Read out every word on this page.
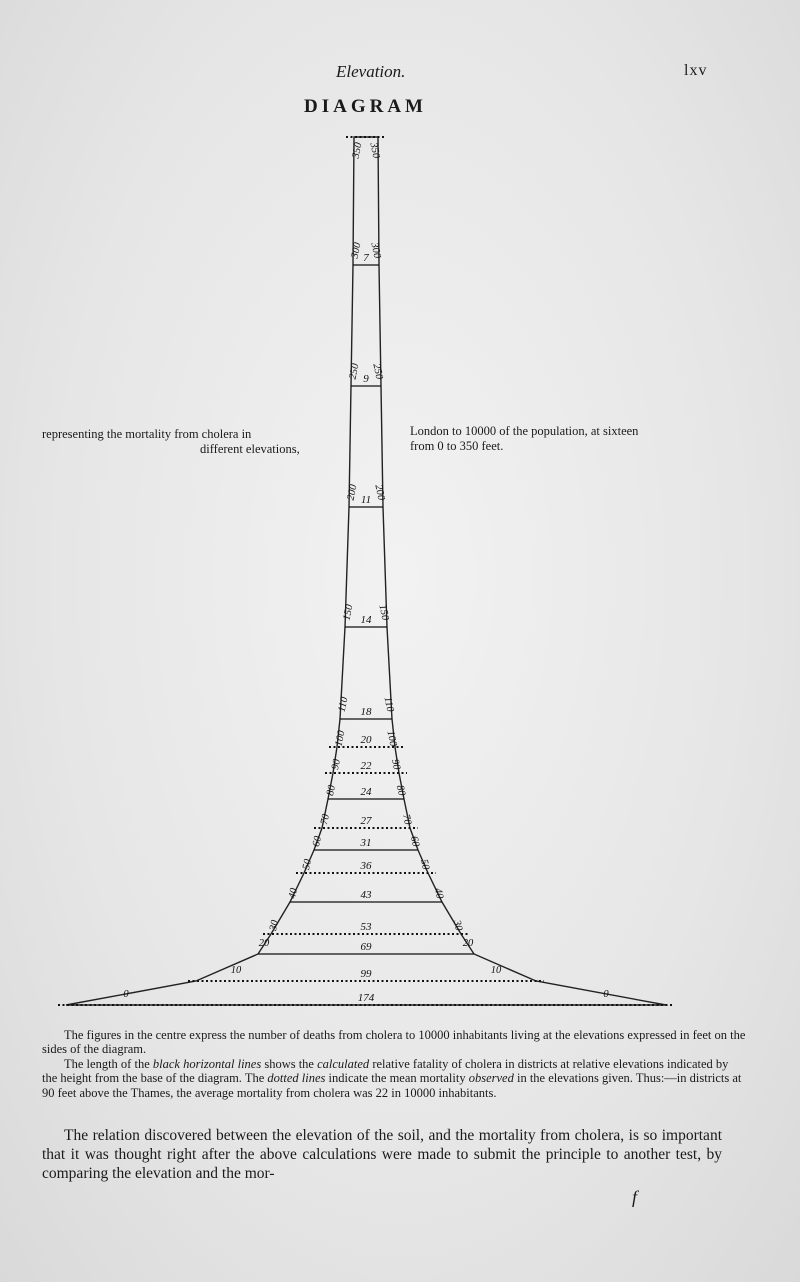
Elevation.	lxv
DIAGRAM
350 350
7
300 300
9
250 250
11
200 200
14
150 150
18
110	110
20
100	100
22
90	90
24
80	80
27
70	70
31
60	60
36
50	50
43
40	40
53
30	30
69
20	20
99
10	10
174
0	0
representing the mortality from cholera in
different elevations,
London to 10000 of the population, at sixteen
from 0 to 350 feet.

The figures in the centre express the number of deaths from cholera to 10000 inhabitants living at the elevations expressed in feet on the sides of the diagram.

The length of the black horizontal lines shows the calculated relative fatality of cholera in districts at relative elevations indicated by the height from the base of the diagram. The dotted lines indicate the mean mortality observed in the elevations given. Thus:—in districts at 90 feet above the Thames, the average mortality from cholera was 22 in 10000 inhabitants.

The relation discovered between the elevation of the soil, and the mortality from cholera, is so important that it was thought right after the above calculations were made to submit the principle to another test, by comparing the elevation and the mor-
f
